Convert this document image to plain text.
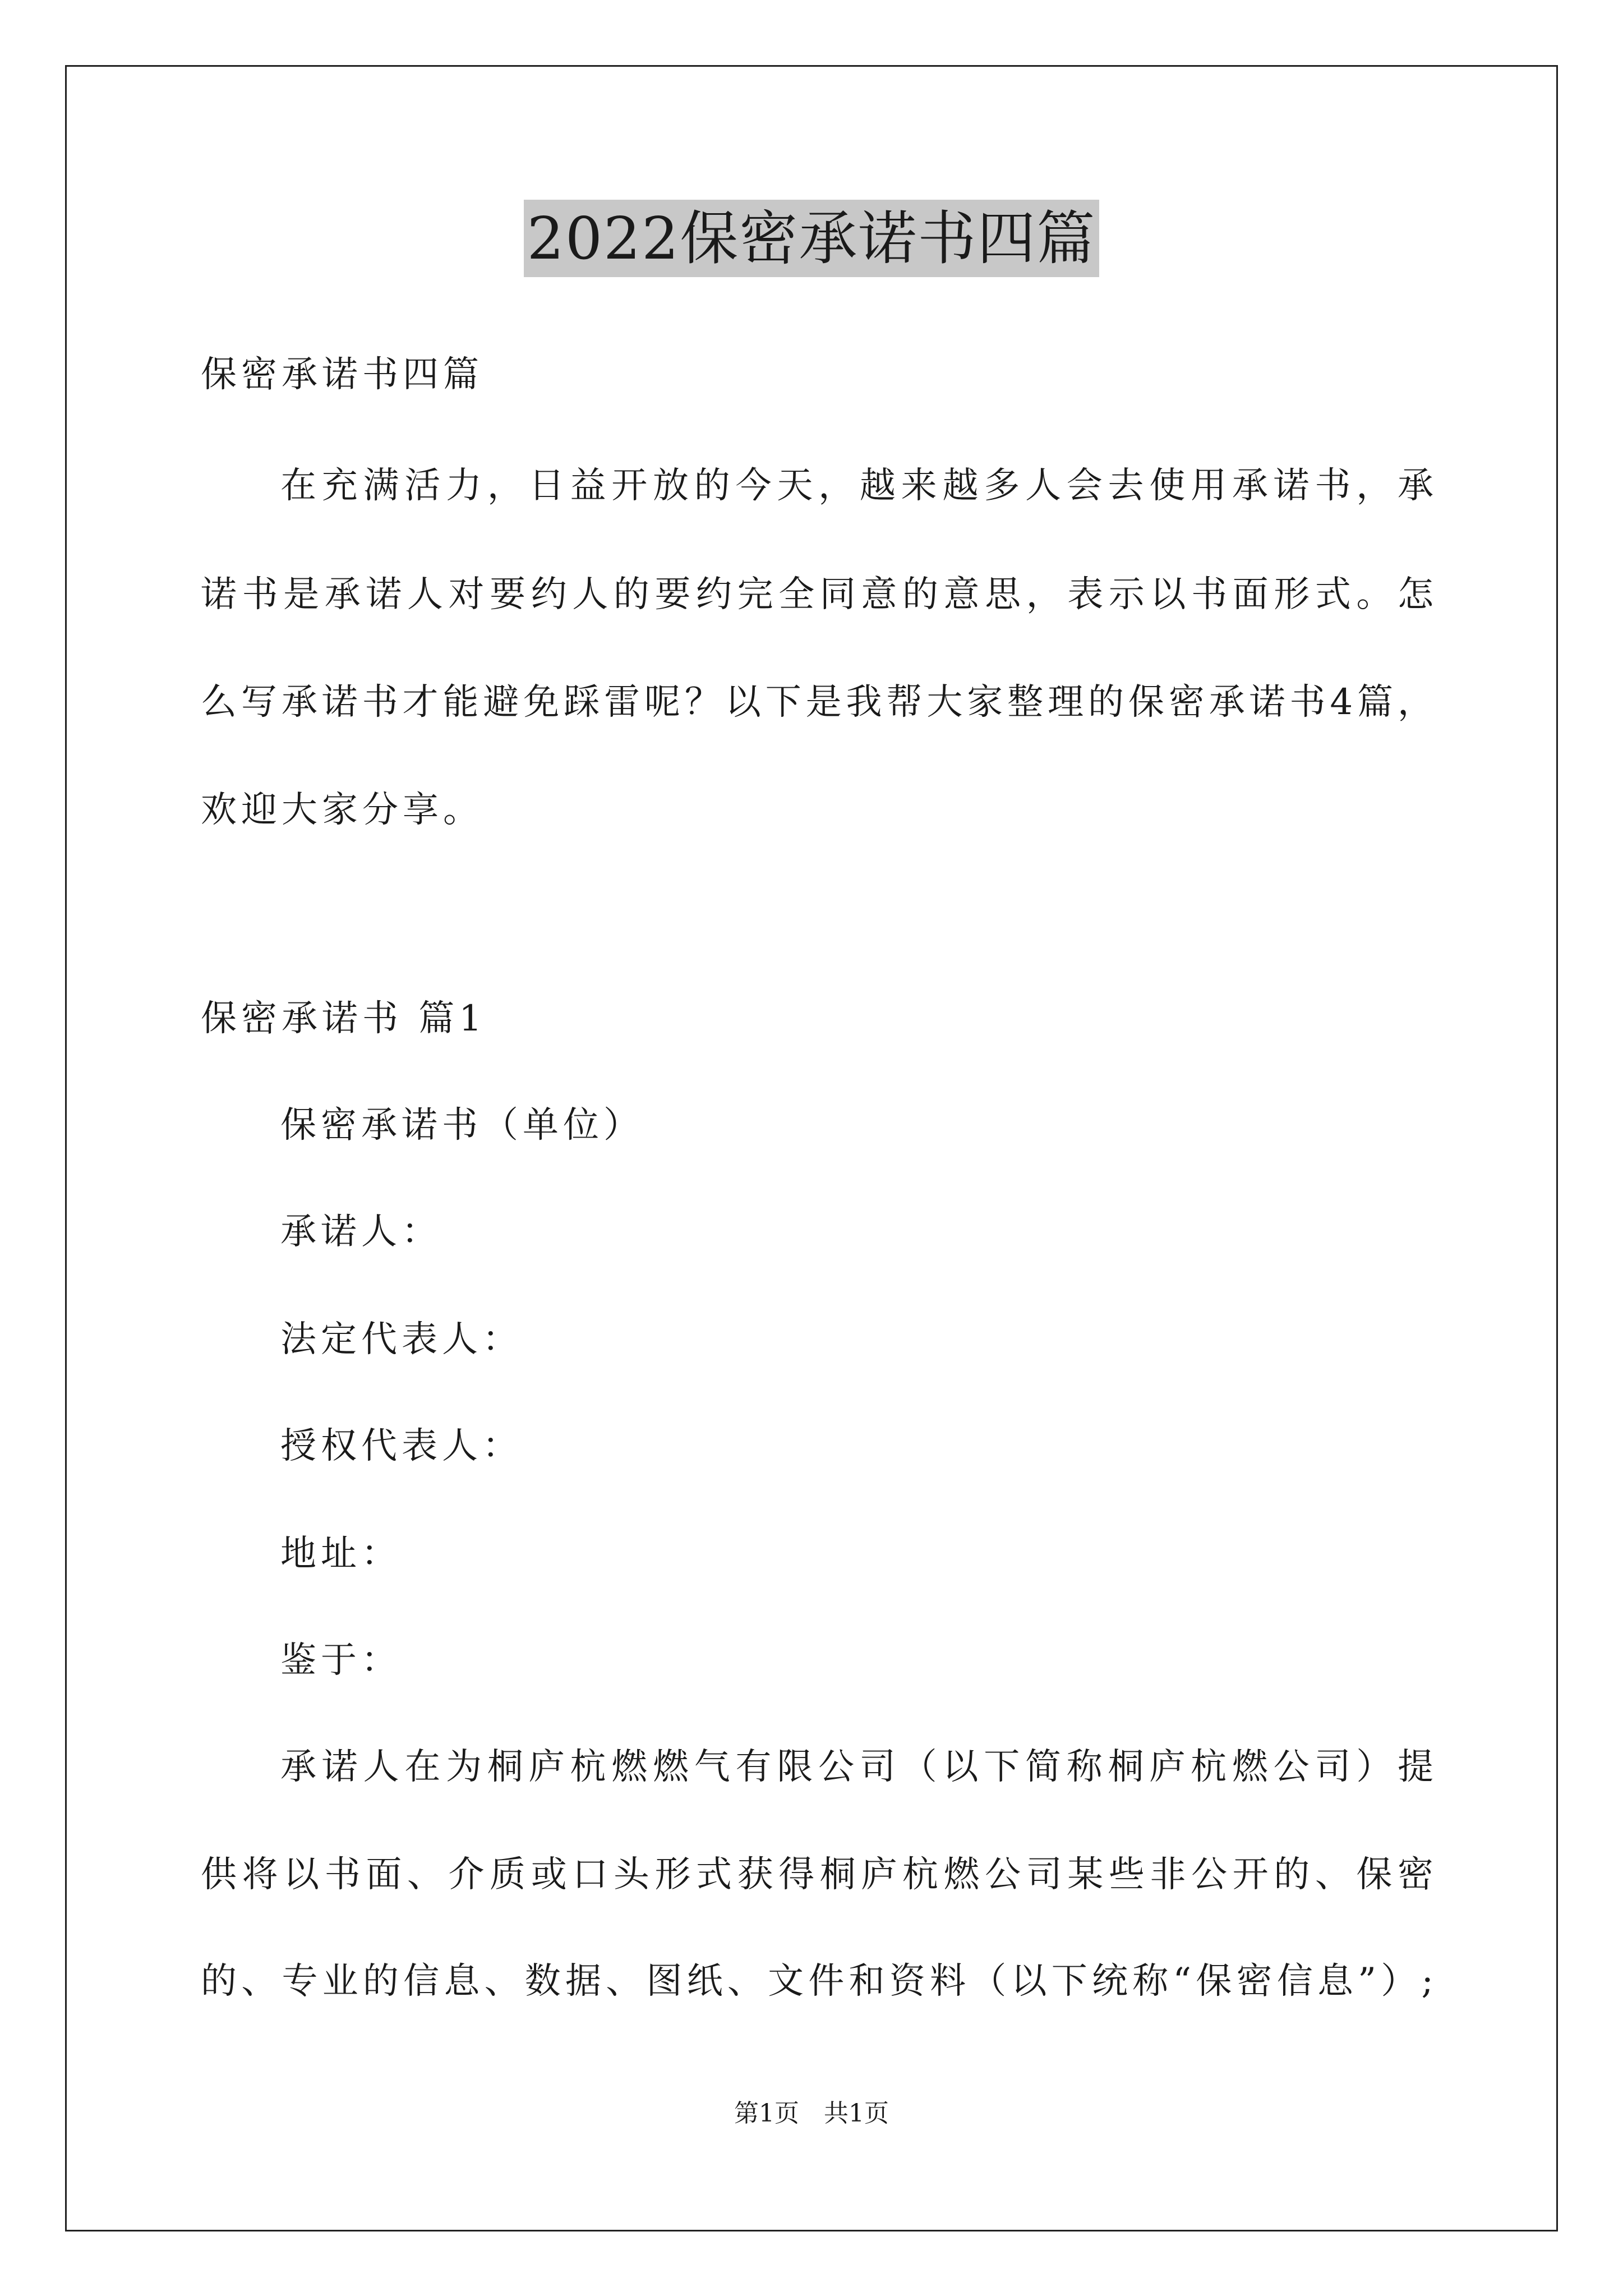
2022保密承诺书四篇
保密承诺书四篇
在充满活力，日益开放的今天，越来越多人会去使用承诺书，承
诺书是承诺人对要约人的要约完全同意的意思，表示以书面形式。怎
么写承诺书才能避免踩雷呢？以下是我帮大家整理的保密承诺书4篇，
欢迎大家分享。
保密承诺书 篇1
保密承诺书（单位）
承诺人：
法定代表人：
授权代表人：
地址：
鉴于：
承诺人在为桐庐杭燃燃气有限公司（以下简称桐庐杭燃公司）提
供将以书面、介质或口头形式获得桐庐杭燃公司某些非公开的、保密
的、专业的信息、数据、图纸、文件和资料（以下统称“保密信息”）;
第1页　共1页
